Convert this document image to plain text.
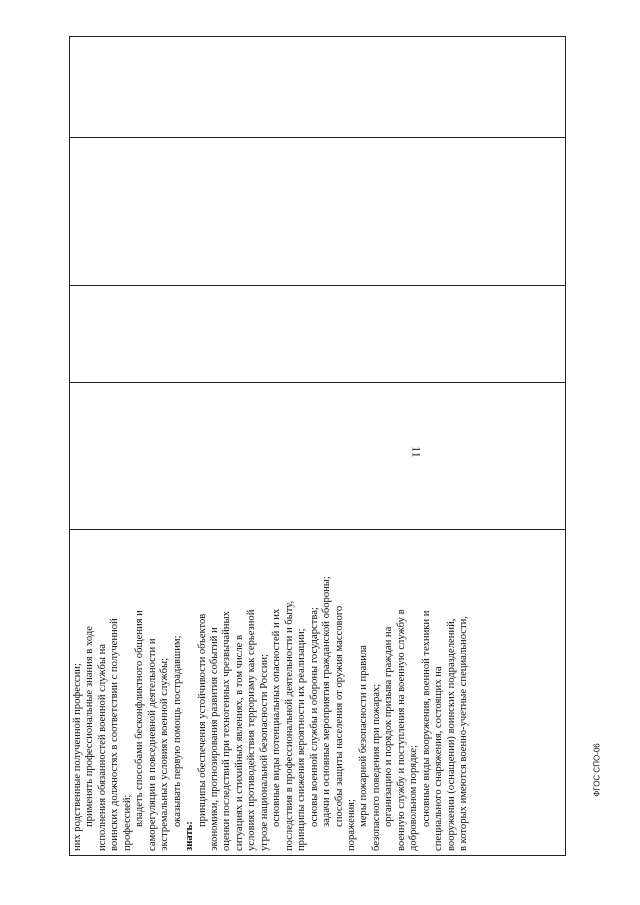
11
них родственные полученной профессии; применять профессиональные знания в ходе исполнения обязанностей военной службы на воинских должностях в соответствии с полученной профессией; владеть способами бесконфликтного общения и саморегуляции в повседневной деятельности и экстремальных условиях военной службы; оказывать первую помощь пострадавшим;
знать:
принципы обеспечения устойчивости объектов экономики, прогнозирования развития событий и оценки последствий при техногенных чрезвычайных ситуациях и стихийных явлениях, в том числе в условиях противодействия терроризму как серьезной угрозе национальной безопасности России; основные виды потенциальных опасностей и их последствия в профессиональной деятельности и быту, принципы снижения вероятности их реализации; основы военной службы и обороны государства; задачи и основные мероприятия гражданской обороны; способы защиты населения от оружия массового поражения; меры пожарной безопасности и правила безопасного поведения при пожарах; организацию и порядок призыва граждан на военную службу и поступления на военную службу в добровольном порядке; основные виды вооружения, военной техники и специального снаряжения, состоящих на вооружении (оснащении) воинских подразделений, в которых имеются военно-учетные специальности,	ФГОС СПО-06
